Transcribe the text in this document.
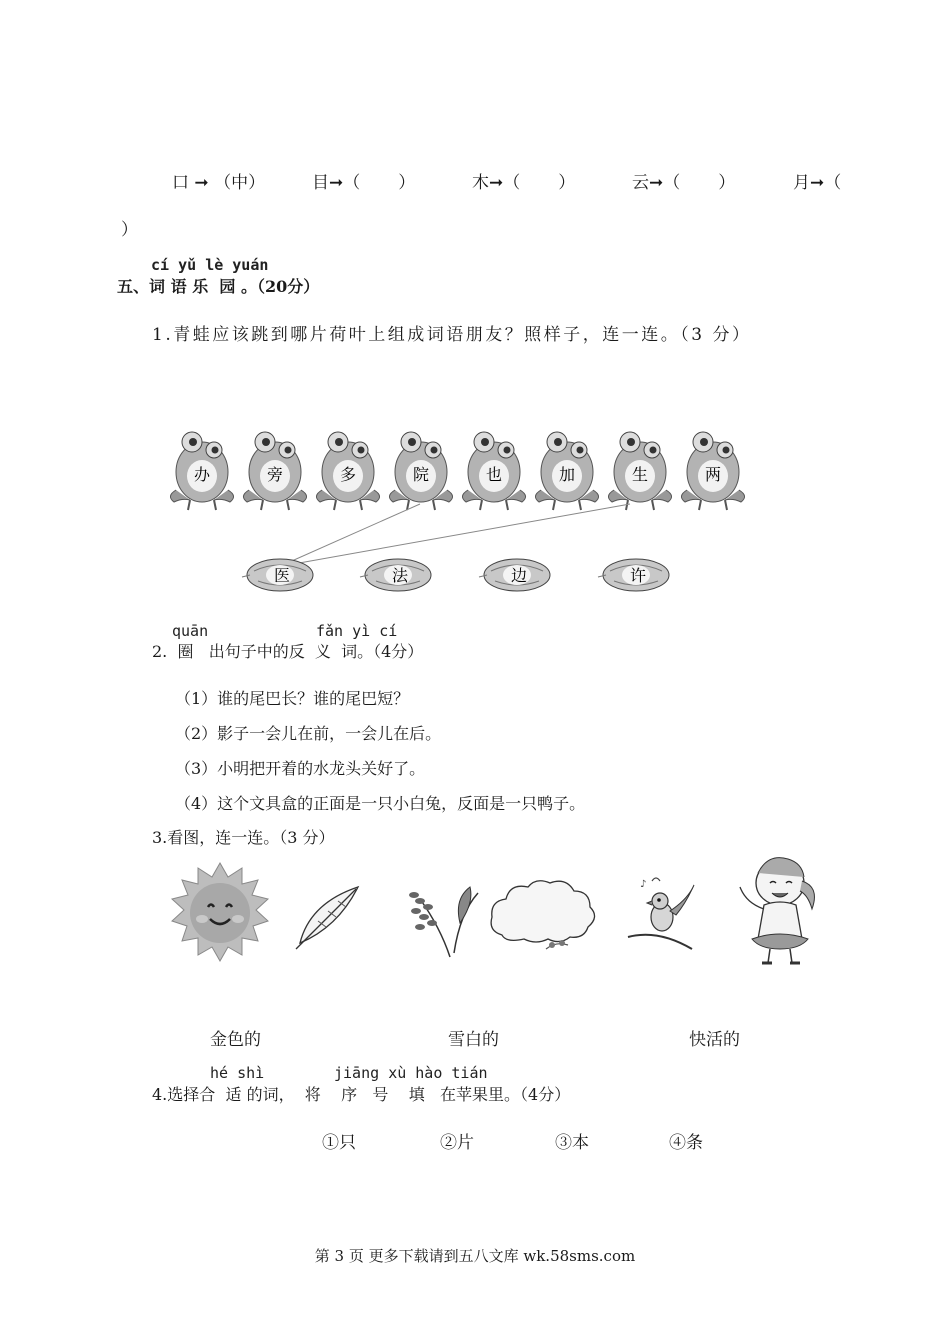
口 ➞ （中）	目➞（ ）	木➞（ ）	云➞（ ）	月➞（
）
cí yǔ lè yuán
五、词 语 乐 园 。（20分）
1.青蛙应该跳到哪片荷叶上组成词语朋友？照样子，连一连。（3 分）
办	旁	多	院	也	加	生	两
医	法	边	许
quān	fǎn yì cí
2. 圈 出句子中的反 义 词。（4分）
（1）谁的尾巴长？谁的尾巴短？
（2）影子一会儿在前，一会儿在后。
（3）小明把开着的水龙头关好了。
（4）这个文具盒的正面是一只小白兔，反面是一只鸭子。
3.看图，连一连。（3 分）
♪
金色的	雪白的	快活的
hé shì	jiāng xù hào tián
4.选择合 适 的词， 将 序 号 填 在苹果里。（4分）
①只	②片	③本	④条
第 3 页 更多下载请到五八文库 wk.58sms.com
